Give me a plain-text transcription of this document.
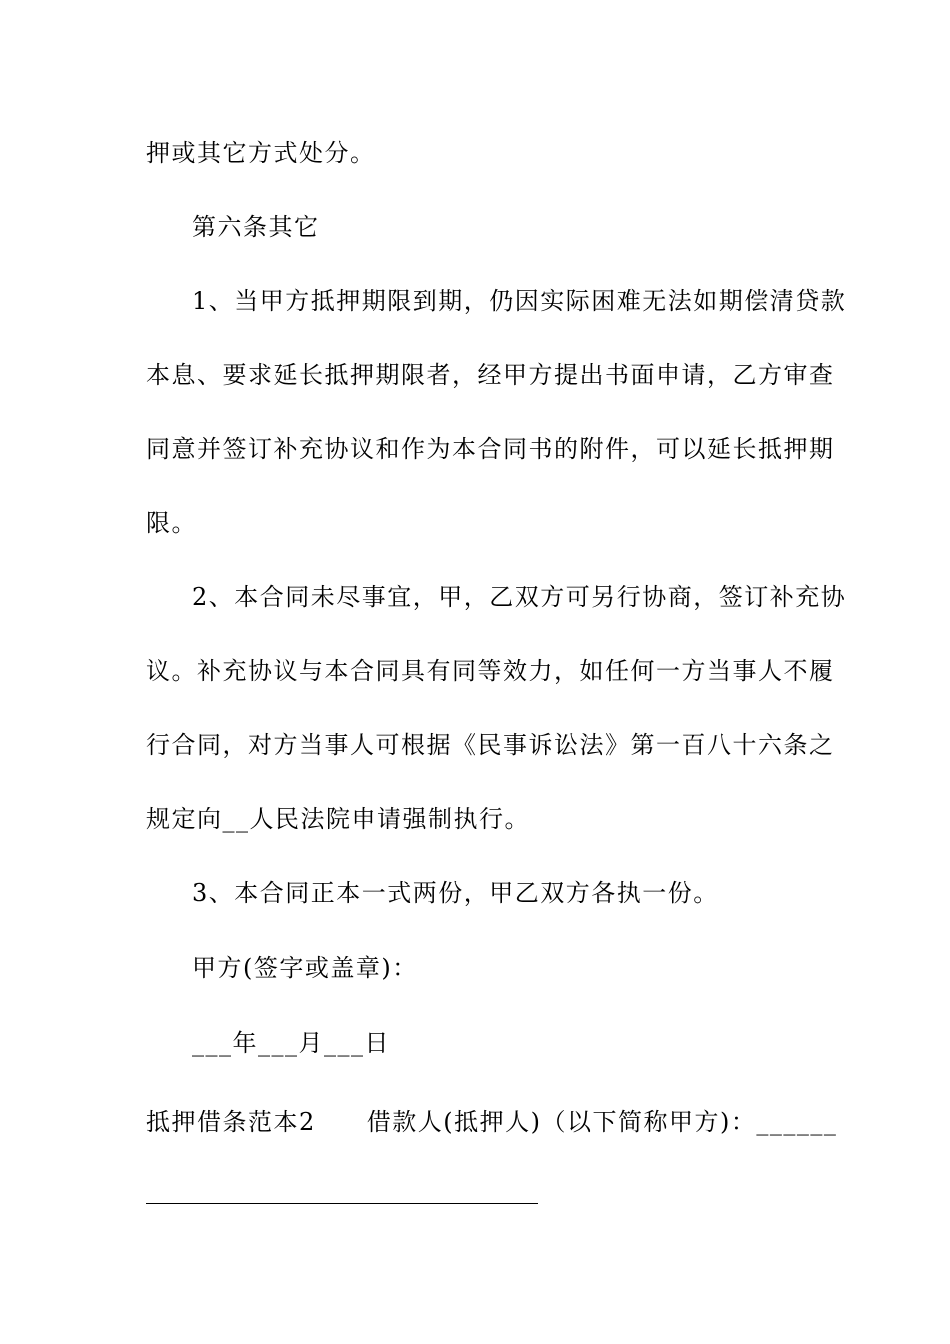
押或其它方式处分。
第六条其它
1、当甲方抵押期限到期，仍因实际困难无法如期偿清贷款
本息、要求延长抵押期限者，经甲方提出书面申请，乙方审查
同意并签订补充协议和作为本合同书的附件，可以延长抵押期
限。
2、本合同未尽事宜，甲，乙双方可另行协商，签订补充协
议。补充协议与本合同具有同等效力，如任何一方当事人不履
行合同，对方当事人可根据《民事诉讼法》第一百八十六条之
规定向__人民法院申请强制执行。
3、本合同正本一式两份，甲乙双方各执一份。
甲方(签字或盖章)：
___年___月___日
抵押借条范本2　　借款人(抵押人)（以下简称甲方)：______
